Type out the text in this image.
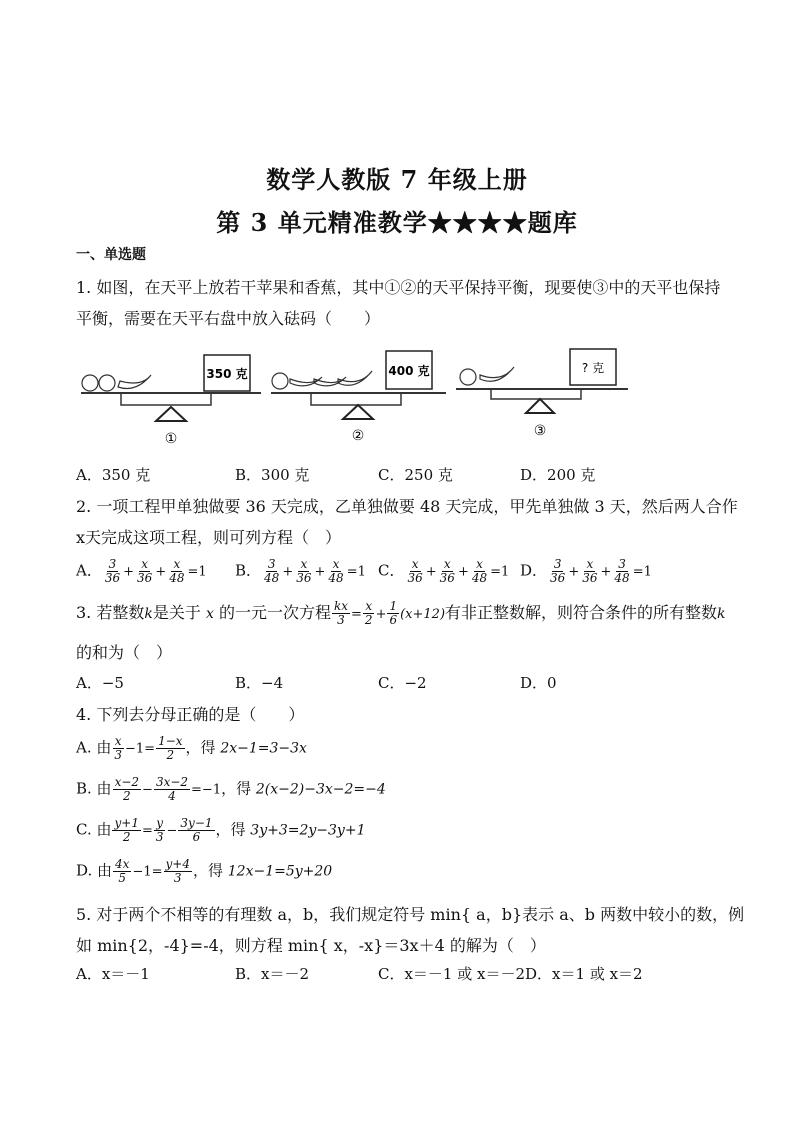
数学人教版 7 年级上册
第 3 单元精准教学★★★★题库
一、单选题
1. 如图，在天平上放若干苹果和香蕉，其中①②的天平保持平衡，现要使③中的天平也保持
平衡，需要在天平右盘中放入砝码（　　）
350 克
①
400 克
②
? 克
③
A．350 克	B．300 克	C．250 克	D．200 克
2. 一项工程甲单独做要 36 天完成，乙单独做要 48 天完成，甲先单独做 3 天，然后两人合作
x天完成这项工程，则可列方程（　）
A． $\frac{3}{36} + \frac{x}{36} + \frac{x}{48} =1$ B． $\frac{3}{48} + \frac{x}{36} + \frac{x}{48} =1$ C． $\frac{x}{36} + \frac{x}{36} + \frac{x}{48} =1$ D． $\frac{3}{36} + \frac{x}{36} + \frac{3}{48} =1$
3. 若整数k是关于 x 的一元一次方程 $\frac{kx}{3} = \frac{x}{2} + \frac{1}{6} (x+12)$有非正整数解，则符合条件的所有整数k
的和为（　）
A．−5	B．−4	C．−2	D．0
4. 下列去分母正确的是（　　）
A. 由 $\frac{x}{3} -1= \frac{1-x}{2}$ ，得 2x−1=3−3x
B. 由 $\frac{x-2}{2} - \frac{3x-2}{4} =-1$，得 2(x−2)−3x−2=−4
C. 由 $\frac{y+1}{2} = \frac{y}{3} - \frac{3y-1}{6}$ ，得 3y+3=2y−3y+1
D. 由 $\frac{4x}{5} -1= \frac{y+4}{3}$ ，得 12x−1=5y+20
5. 对于两个不相等的有理数 a，b，我们规定符号 min{ a，b}表示 a、b 两数中较小的数，例
如 min{2，-4}=-4，则方程 min{ x，-x}＝3x＋4 的解为（　）
A．x＝－1	B．x＝－2	C．x＝－1 或 x＝－2D．x＝1 或 x＝2
